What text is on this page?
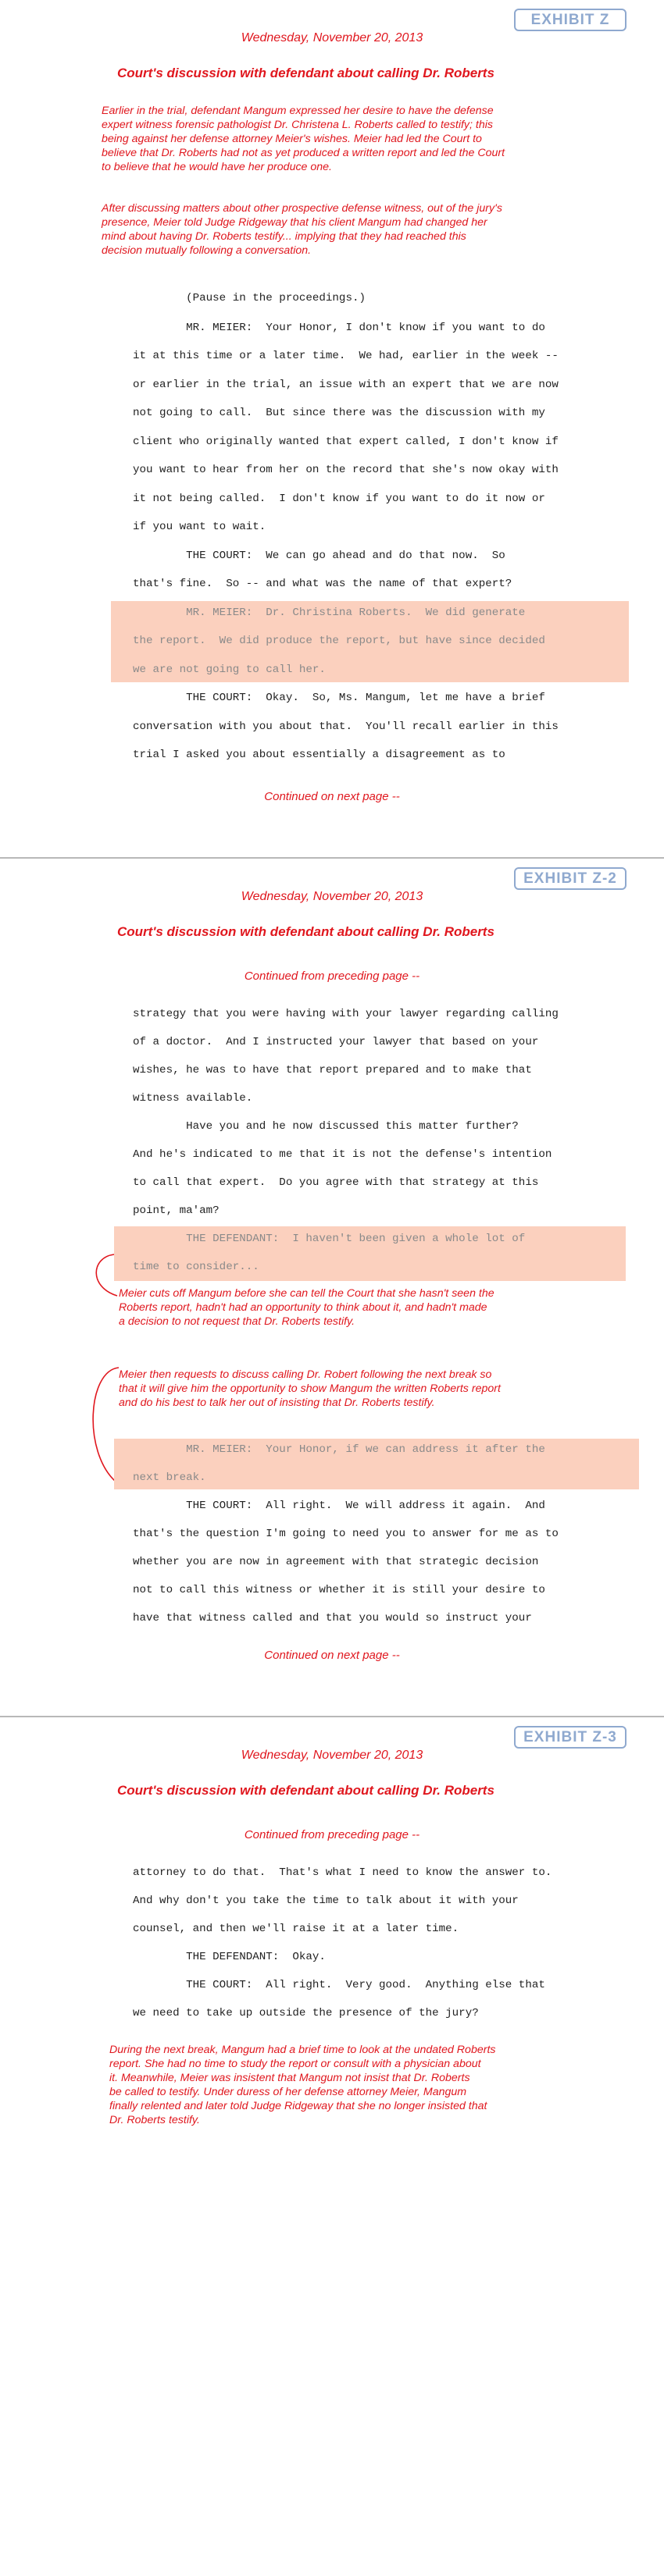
EXHIBIT Z
Wednesday, November 20, 2013
Court's discussion with defendant about calling Dr. Roberts
Earlier in the trial, defendant Mangum expressed her desire to have the defense
expert witness forensic pathologist Dr. Christena L. Roberts called to testify; this
being against her defense attorney Meier's wishes. Meier had led the Court to
believe that Dr. Roberts had not as yet produced a written report and led the Court
to believe that he would have her produce one.
After discussing matters about other prospective defense witness, out of the jury's
presence, Meier told Judge Ridgeway that his client Mangum had changed her
mind about having Dr. Roberts testify... implying that they had reached this
decision mutually following a conversation.
(Pause in the proceedings.)
MR. MEIER:  Your Honor, I don't know if you want to do
it at this time or a later time.  We had, earlier in the week --
or earlier in the trial, an issue with an expert that we are now
not going to call.  But since there was the discussion with my
client who originally wanted that expert called, I don't know if
you want to hear from her on the record that she's now okay with
it not being called.  I don't know if you want to do it now or
if you want to wait.
THE COURT:  We can go ahead and do that now.  So
that's fine.  So -- and what was the name of that expert?
MR. MEIER:  Dr. Christina Roberts.  We did generate
the report.  We did produce the report, but have since decided
we are not going to call her.
THE COURT:  Okay.  So, Ms. Mangum, let me have a brief
conversation with you about that.  You'll recall earlier in this
trial I asked you about essentially a disagreement as to
Continued on next page --
EXHIBIT Z-2
Wednesday, November 20, 2013
Court's discussion with defendant about calling Dr. Roberts
Continued from preceding page --
strategy that you were having with your lawyer regarding calling
of a doctor.  And I instructed your lawyer that based on your
wishes, he was to have that report prepared and to make that
witness available.
Have you and he now discussed this matter further?
And he's indicated to me that it is not the defense's intention
to call that expert.  Do you agree with that strategy at this
point, ma'am?
THE DEFENDANT:  I haven't been given a whole lot of
time to consider...
Meier cuts off Mangum before she can tell the Court that she hasn't seen the
Roberts report, hadn't had an opportunity to think about it, and hadn't made
a decision to not request that Dr. Roberts testify.
Meier then requests to discuss calling Dr. Robert following the next break so
that it will give him the opportunity to show Mangum the written Roberts report
and do his best to talk her out of insisting that Dr. Roberts testify.
MR. MEIER:  Your Honor, if we can address it after the
next break.
THE COURT:  All right.  We will address it again.  And
that's the question I'm going to need you to answer for me as to
whether you are now in agreement with that strategic decision
not to call this witness or whether it is still your desire to
have that witness called and that you would so instruct your
Continued on next page --
EXHIBIT Z-3
Wednesday, November 20, 2013
Court's discussion with defendant about calling Dr. Roberts
Continued from preceding page --
attorney to do that.  That's what I need to know the answer to.
And why don't you take the time to talk about it with your
counsel, and then we'll raise it at a later time.
THE DEFENDANT:  Okay.
THE COURT:  All right.  Very good.  Anything else that
we need to take up outside the presence of the jury?
During the next break, Mangum had a brief time to look at the undated Roberts
report. She had no time to study the report or consult with a physician about
it. Meanwhile, Meier was insistent that Mangum not insist that Dr. Roberts
be called to testify. Under duress of her defense attorney Meier, Mangum
finally relented and later told Judge Ridgeway that she no longer insisted that
Dr. Roberts testify.
